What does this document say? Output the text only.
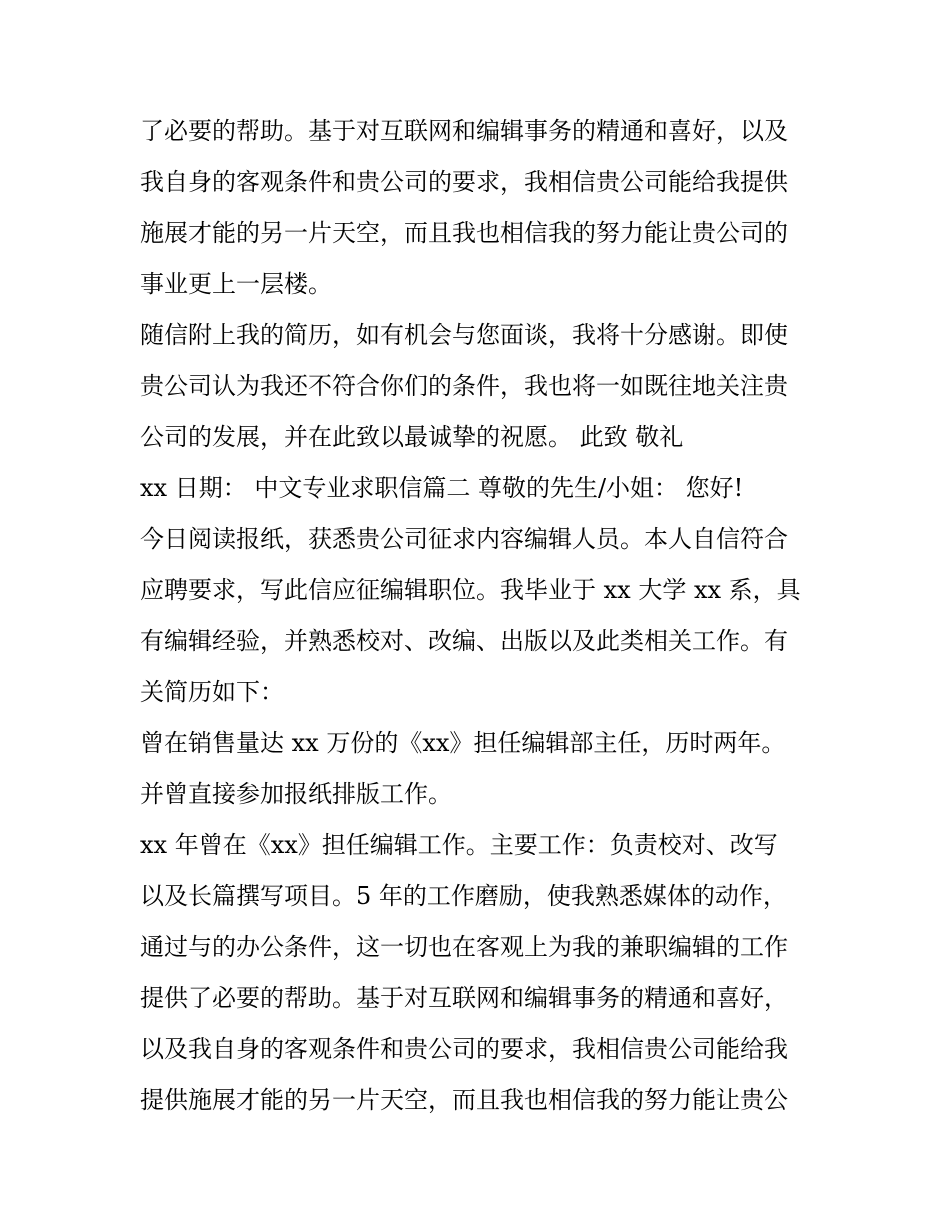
了必要的帮助。基于对互联网和编辑事务的精通和喜好，以及
我自身的客观条件和贵公司的要求，我相信贵公司能给我提供
施展才能的另一片天空，而且我也相信我的努力能让贵公司的
事业更上一层楼。
随信附上我的简历，如有机会与您面谈，我将十分感谢。即使
贵公司认为我还不符合你们的条件，我也将一如既往地关注贵
公司的发展，并在此致以最诚挚的祝愿。 此致 敬礼
xx 日期： 中文专业求职信篇二 尊敬的先生/小姐： 您好!
今日阅读报纸，获悉贵公司征求内容编辑人员。本人自信符合
应聘要求，写此信应征编辑职位。我毕业于 xx 大学 xx 系，具
有编辑经验，并熟悉校对、改编、出版以及此类相关工作。有
关简历如下：
曾在销售量达 xx 万份的《xx》担任编辑部主任，历时两年。
并曾直接参加报纸排版工作。
xx 年曾在《xx》担任编辑工作。主要工作：负责校对、改写
以及长篇撰写项目。5 年的工作磨励，使我熟悉媒体的动作，
通过与的办公条件，这一切也在客观上为我的兼职编辑的工作
提供了必要的帮助。基于对互联网和编辑事务的精通和喜好，
以及我自身的客观条件和贵公司的要求，我相信贵公司能给我
提供施展才能的另一片天空，而且我也相信我的努力能让贵公
